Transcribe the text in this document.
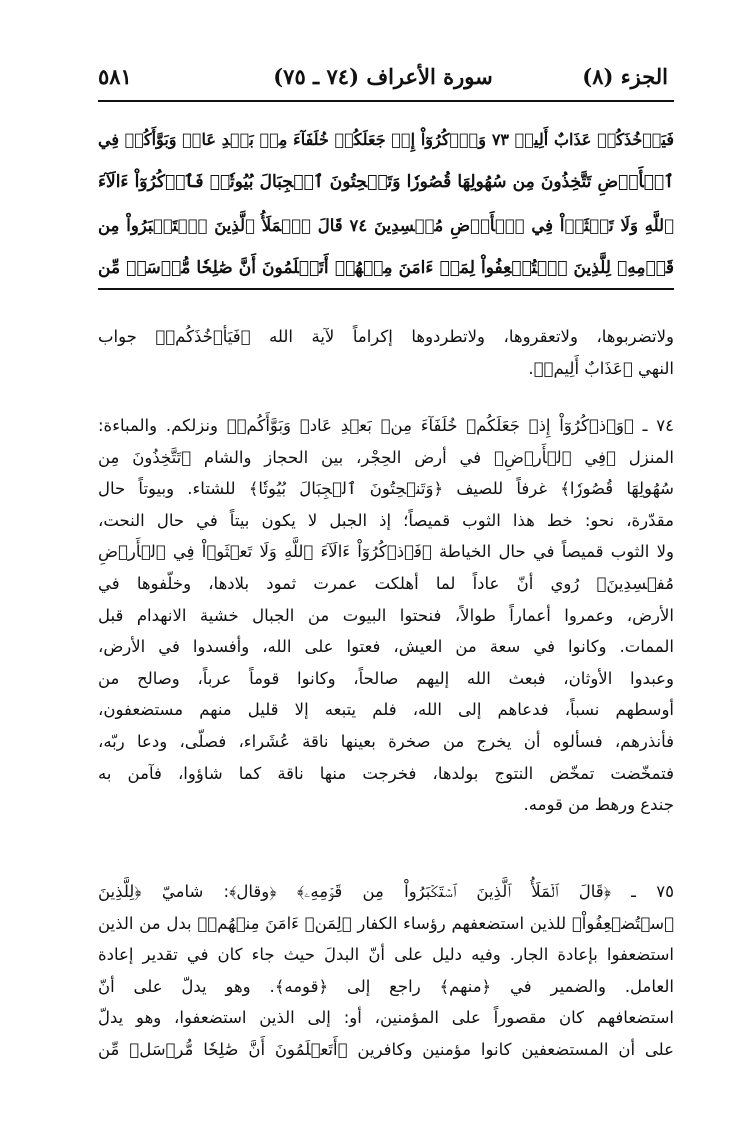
الجزء (٨)
سورة الأعراف (٧٤ ـ ٧٥)
٥٨١
فَيَأۡخُذَكُمۡ عَذَابٌ أَلِيمٞ ٧٣ وَٱذۡكُرُوٓاْ إِذۡ جَعَلَكُمۡ خُلَفَآءَ مِنۢ بَعۡدِ عَادٖ وَبَوَّأَكُمۡ فِي
ٱلۡأَرۡضِ تَتَّخِذُونَ مِن سُهُولِهَا قُصُورٗا وَتَنۡحِتُونَ ٱلۡجِبَالَ بُيُوتٗاۖ فَٱذۡكُرُوٓاْ ءَالَآءَ
ٱللَّهِ وَلَا تَعۡثَوۡاْ فِي ٱلۡأَرۡضِ مُفۡسِدِينَ ٧٤ قَالَ ٱلۡمَلَأُ ٱلَّذِينَ ٱسۡتَكۡبَرُواْ مِن
قَوۡمِهِۦ لِلَّذِينَ ٱسۡتُضۡعِفُواْ لِمَنۡ ءَامَنَ مِنۡهُمۡ أَتَعۡلَمُونَ أَنَّ صَٰلِحٗا مُّرۡسَلٞ مِّن
ولاتضربوها، ولاتعقروها، ولاتطردوها إكراماً لآية الله ﴿فَيَأۡخُذَكُمۡ﴾ جواب
النهي ﴿عَذَابٌ أَلِيمٞ﴾.
٧٤ ـ ﴿وَٱذۡكُرُوٓاْ إِذۡ جَعَلَكُمۡ خُلَفَآءَ مِنۢ بَعۡدِ عَادٖ وَبَوَّأَكُمۡ﴾ ونزلكم. والمباءة:
المنزل ﴿فِي ٱلۡأَرۡضِ﴾ في أرض الحِجْر، بين الحجاز والشام ﴿تَتَّخِذُونَ مِن
سُهُولِهَا قُصُورٗا﴾ غرفاً للصيف ﴿وَتَنۡحِتُونَ ٱلۡجِبَالَ بُيُوتٗا﴾ للشتاء. وبيوتاً حال
مقدّرة، نحو: خط هذا الثوب قميصاً؛ إذ الجبل لا يكون بيتاً في حال النحت،
ولا الثوب قميصاً في حال الخياطة ﴿فَٱذۡكُرُوٓاْ ءَالَآءَ ٱللَّهِ وَلَا تَعۡثَوۡاْ فِي ٱلۡأَرۡضِ
مُفۡسِدِينَ﴾ رُوي أنّ عاداً لما أهلكت عمرت ثمود بلادها، وخلّفوها في
الأرض، وعمروا أعماراً طوالاً، فنحتوا البيوت من الجبال خشية الانهدام قبل
الممات. وكانوا في سعة من العيش، فعتوا على الله، وأفسدوا في الأرض،
وعبدوا الأوثان، فبعث الله إليهم صالحاً، وكانوا قوماً عرباً، وصالح من
أوسطهم نسباً، فدعاهم إلى الله، فلم يتبعه إلا قليل منهم مستضعفون،
فأنذرهم، فسألوه أن يخرج من صخرة بعينها ناقة عُشَراء، فصلّى، ودعا ربّه،
فتمخّضت تمخّض النتوج بولدها، فخرجت منها ناقة كما شاؤوا، فآمن به
جندع ورهط من قومه.
٧٥ ـ ﴿قَالَ ٱلۡمَلَأُ ٱلَّذِينَ ٱسۡتَكۡبَرُواْ مِن قَوۡمِهِۦ﴾ ﴿وقال﴾: شاميّ ﴿لِلَّذِينَ
ٱسۡتُضۡعِفُواْ﴾ للذين استضعفهم رؤساء الكفار ﴿لِمَنۡ ءَامَنَ مِنۡهُمۡ﴾ بدل من الذين
استضعفوا بإعادة الجار. وفيه دليل على أنّ البدلَ حيث جاء كان في تقدير إعادة
العامل. والضمير في ﴿منهم﴾ راجع إلى ﴿قومه﴾. وهو يدلّ على أنّ
استضعافهم كان مقصوراً على المؤمنين، أو: إلى الذين استضعفوا، وهو يدلّ
على أن المستضعفين كانوا مؤمنين وكافرين ﴿أَتَعۡلَمُونَ أَنَّ صَٰلِحٗا مُّرۡسَلٞ مِّن
